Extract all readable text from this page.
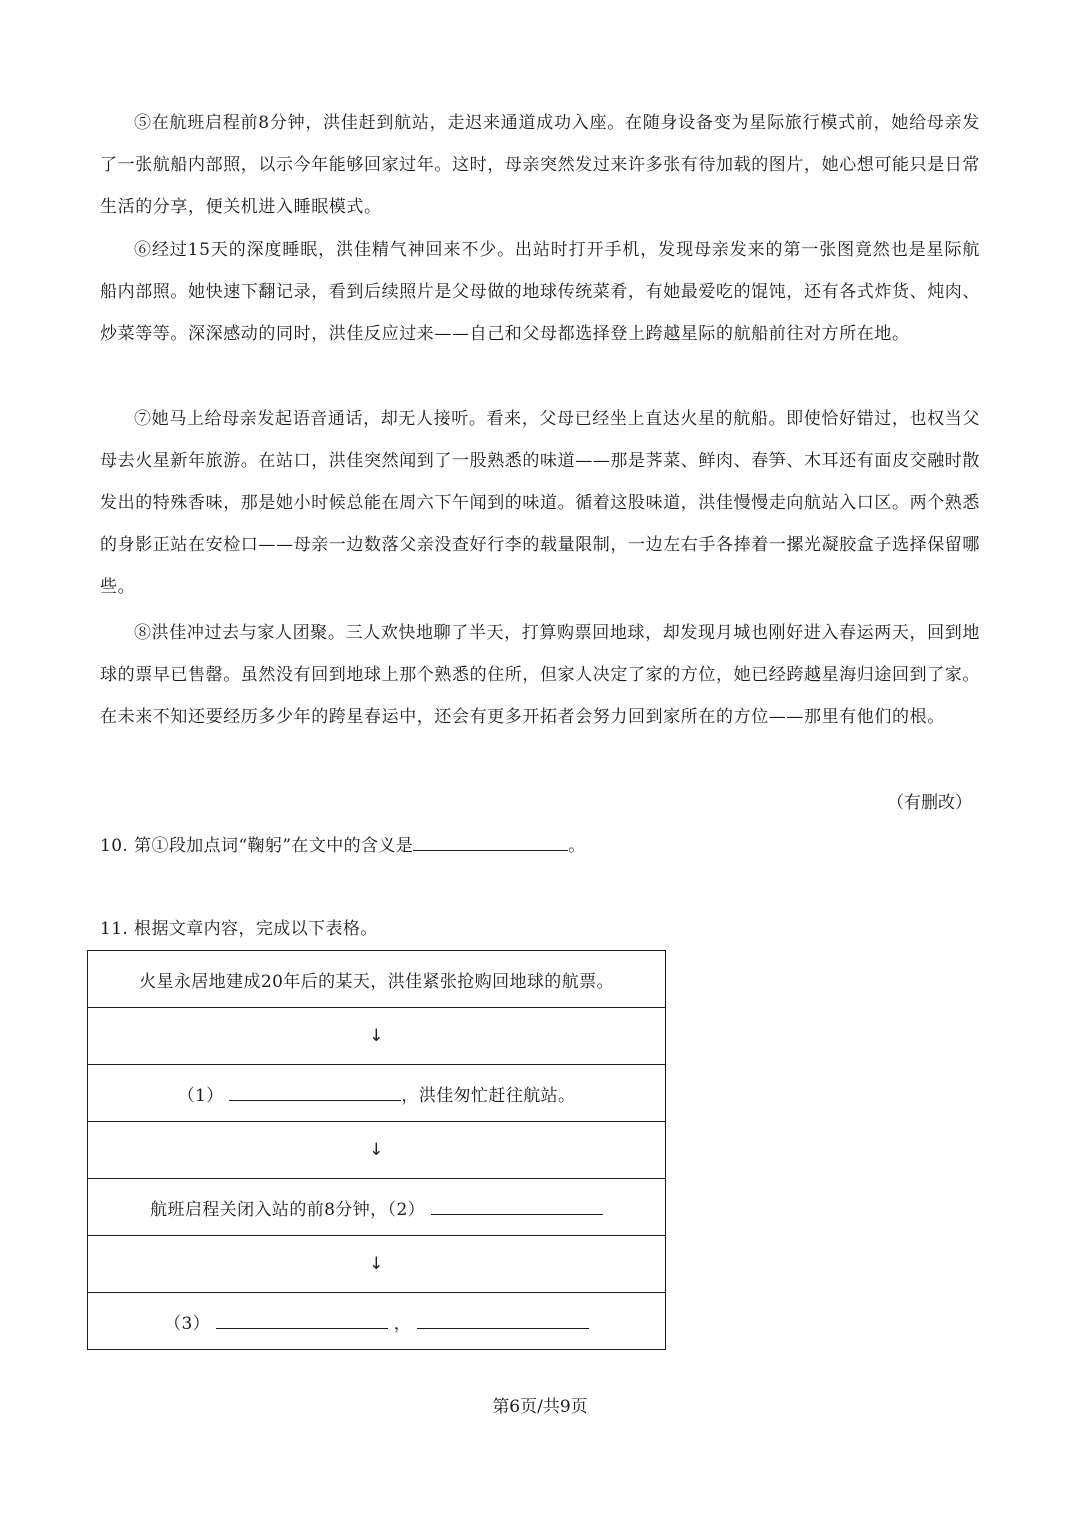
⑤在航班启程前8分钟，洪佳赶到航站，走迟来通道成功入座。在随身设备变为星际旅行模式前，她给母亲发了一张航船内部照，以示今年能够回家过年。这时，母亲突然发过来许多张有待加载的图片，她心想可能只是日常生活的分享，便关机进入睡眠模式。

⑥经过15天的深度睡眠，洪佳精气神回来不少。出站时打开手机，发现母亲发来的第一张图竟然也是星际航船内部照。她快速下翻记录，看到后续照片是父母做的地球传统菜肴，有她最爱吃的馄饨，还有各式炸货、炖肉、炒菜等等。深深感动的同时，洪佳反应过来——自己和父母都选择登上跨越星际的航船前往对方所在地。

⑦她马上给母亲发起语音通话，却无人接听。看来，父母已经坐上直达火星的航船。即使恰好错过，也权当父母去火星新年旅游。在站口，洪佳突然闻到了一股熟悉的味道——那是荠菜、鲜肉、春笋、木耳还有面皮交融时散发出的特殊香味，那是她小时候总能在周六下午闻到的味道。循着这股味道，洪佳慢慢走向航站入口区。两个熟悉的身影正站在安检口——母亲一边数落父亲没查好行李的载量限制，一边左右手各捧着一摞光凝胶盒子选择保留哪些。

⑧洪佳冲过去与家人团聚。三人欢快地聊了半天，打算购票回地球，却发现月城也刚好进入春运两天，回到地球的票早已售罄。虽然没有回到地球上那个熟悉的住所，但家人决定了家的方位，她已经跨越星海归途回到了家。在未来不知还要经历多少年的跨星春运中，还会有更多开拓者会努力回到家所在的方位——那里有他们的根。

（有删改）
10. 第①段加点词“鞠躬”在文中的含义是	。
11. 根据文章内容，完成以下表格。
火星永居地建成20年后的某天，洪佳紧张抢购回地球的航票。
↓
（1）	，洪佳匆忙赶往航站。
↓
航班启程关闭入站的前8分钟，（2）
↓
（3）	，
第6页/共9页
